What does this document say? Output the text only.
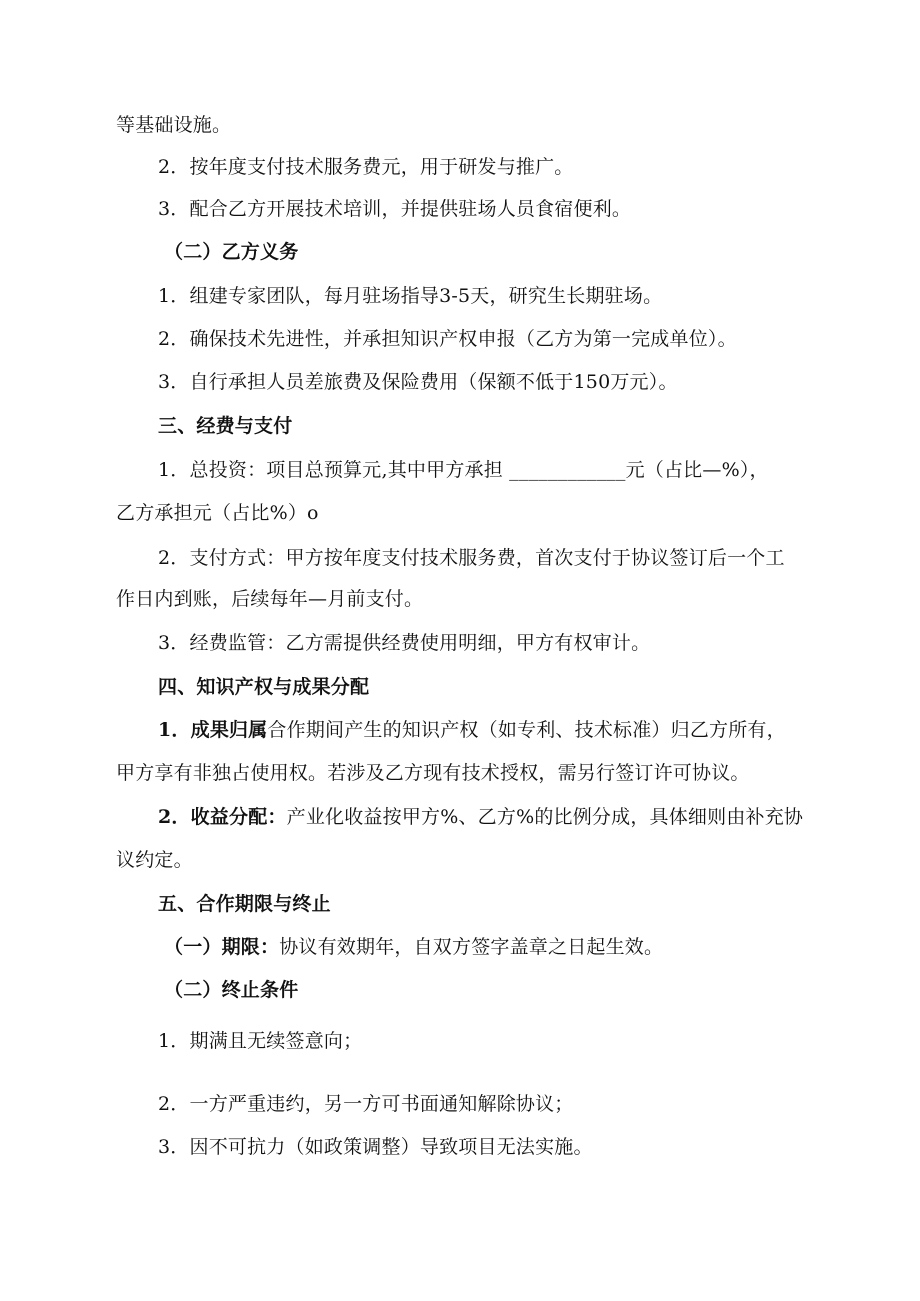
等基础设施。
2．按年度支付技术服务费元，用于研发与推广。
3．配合乙方开展技术培训，并提供驻场人员食宿便利。
（二）乙方义务
1．组建专家团队，每月驻场指导3-5天，研究生长期驻场。
2．确保技术先进性，并承担知识产权申报（乙方为第一完成单位）。
3．自行承担人员差旅费及保险费用（保额不低于150万元）。
三、经费与支付
1．总投资：项目总预算元,其中甲方承担 ____________元（占比—%），
乙方承担元（占比%）o
2．支付方式：甲方按年度支付技术服务费，首次支付于协议签订后一个工
作日内到账，后续每年—月前支付。
3．经费监管：乙方需提供经费使用明细，甲方有权审计。
四、知识产权与成果分配
1．成果归属合作期间产生的知识产权（如专利、技术标准）归乙方所有，
甲方享有非独占使用权。若涉及乙方现有技术授权，需另行签订许可协议。
2．收益分配：产业化收益按甲方%、乙方%的比例分成，具体细则由补充协
议约定。
五、合作期限与终止
（一）期限：协议有效期年，自双方签字盖章之日起生效。
（二）终止条件
1．期满且无续签意向；
2．一方严重违约，另一方可书面通知解除协议；
3．因不可抗力（如政策调整）导致项目无法实施。
